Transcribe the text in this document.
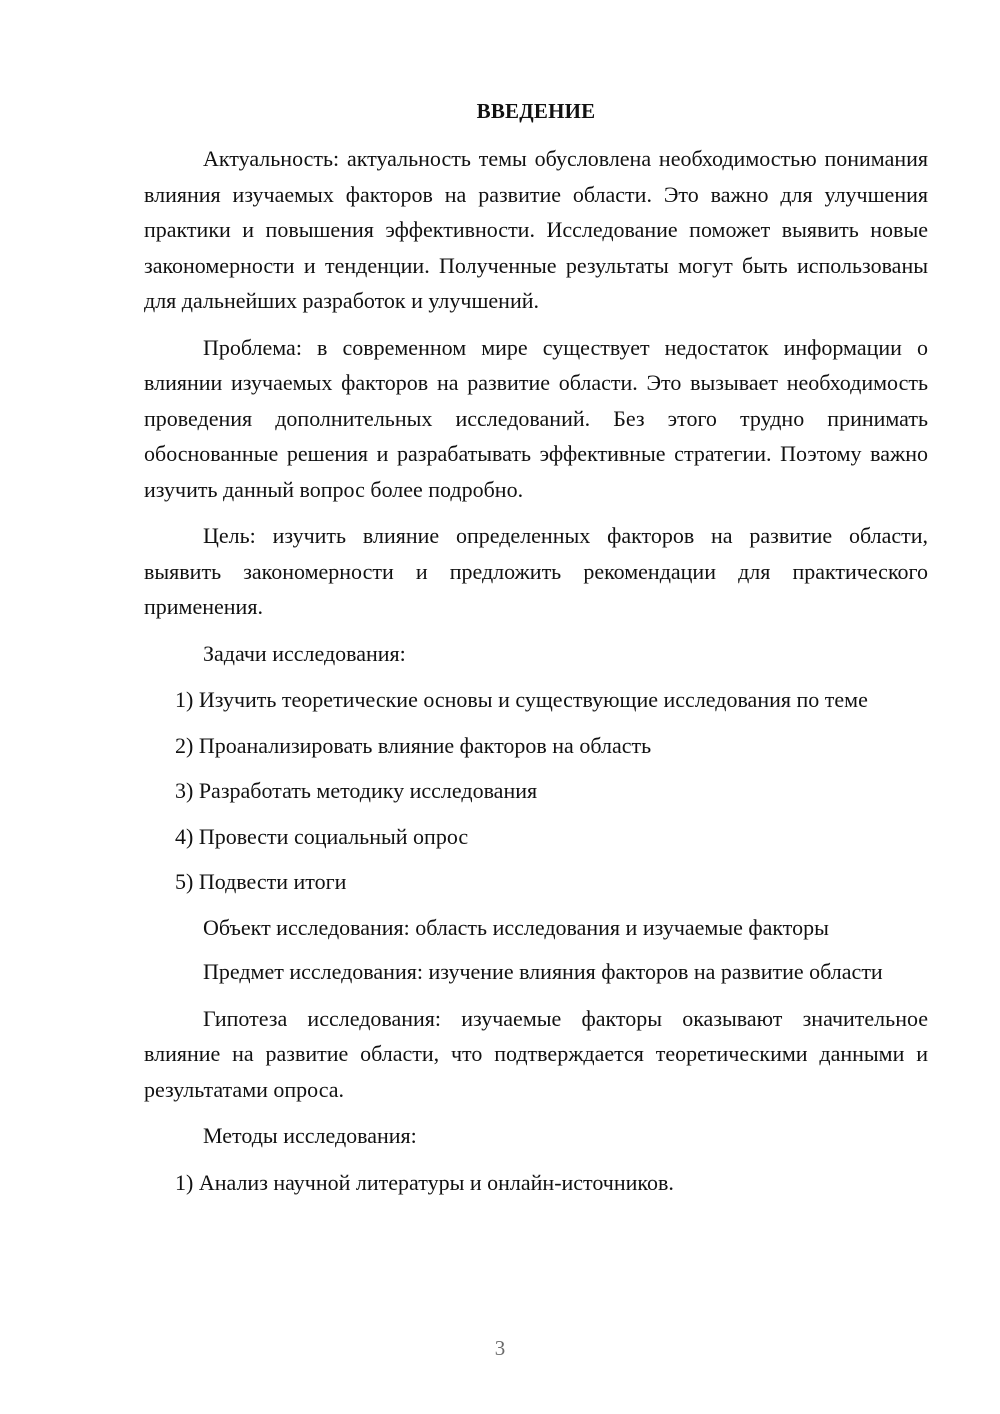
ВВЕДЕНИЕ

Актуальность: актуальность темы обусловлена необходимостью понимания влияния изучаемых факторов на развитие области. Это важно для улучшения практики и повышения эффективности. Исследование поможет выявить новые закономерности и тенденции. Полученные результаты могут быть использованы для дальнейших разработок и улучшений.

Проблема: в современном мире существует недостаток информации о влиянии изучаемых факторов на развитие области. Это вызывает необходимость проведения дополнительных исследований. Без этого трудно принимать обоснованные решения и разрабатывать эффективные стратегии. Поэтому важно изучить данный вопрос более подробно.

Цель: изучить влияние определенных факторов на развитие области, выявить закономерности и предложить рекомендации для практического применения.

Задачи исследования:

1) Изучить теоретические основы и существующие исследования по теме

2) Проанализировать влияние факторов на область

3) Разработать методику исследования

4) Провести социальный опрос

5) Подвести итоги

Объект исследования: область исследования и изучаемые факторы

Предмет исследования: изучение влияния факторов на развитие области

Гипотеза исследования: изучаемые факторы оказывают значительное влияние на развитие области, что подтверждается теоретическими данными и результатами опроса.

Методы исследования:

1) Анализ научной литературы и онлайн-источников.

3
